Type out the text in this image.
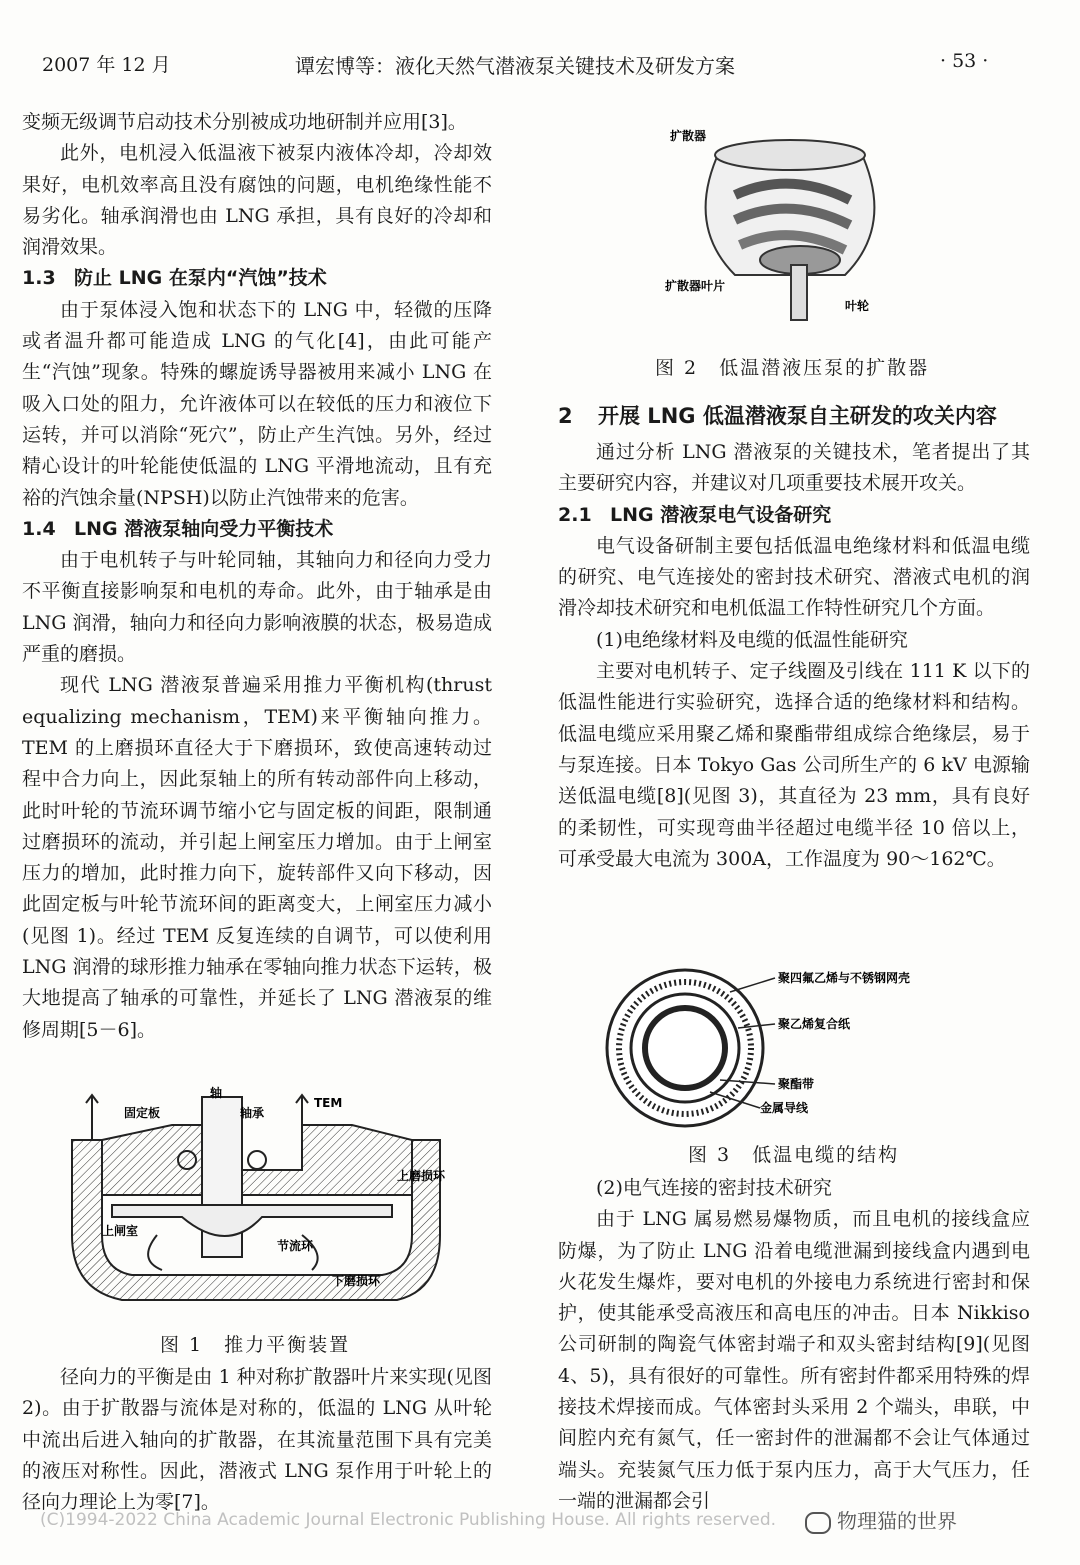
2007 年 12 月	谭宏博等：液化天然气潜液泵关键技术及研发方案	· 53 ·

变频无级调节启动技术分别被成功地研制并应用[3]。

此外，电机浸入低温液下被泵内液体冷却，冷却效果好，电机效率高且没有腐蚀的问题，电机绝缘性能不易劣化。轴承润滑也由 LNG 承担，具有良好的冷却和润滑效果。

1.3 防止 LNG 在泵内“汽蚀”技术

由于泵体浸入饱和状态下的 LNG 中，轻微的压降或者温升都可能造成 LNG 的气化[4]，由此可能产生“汽蚀”现象。特殊的螺旋诱导器被用来减小 LNG 在吸入口处的阻力，允许液体可以在较低的压力和液位下运转，并可以消除“死穴”，防止产生汽蚀。另外，经过精心设计的叶轮能使低温的 LNG 平滑地流动，且有充裕的汽蚀余量(NPSH)以防止汽蚀带来的危害。

1.4 LNG 潜液泵轴向受力平衡技术

由于电机转子与叶轮同轴，其轴向力和径向力受力不平衡直接影响泵和电机的寿命。此外，由于轴承是由 LNG 润滑，轴向力和径向力影响液膜的状态，极易造成严重的磨损。

现代 LNG 潜液泵普遍采用推力平衡机构(thrust equalizing mechanism，TEM)来平衡轴向推力。TEM 的上磨损环直径大于下磨损环，致使高速转动过程中合力向上，因此泵轴上的所有转动部件向上移动，此时叶轮的节流环调节缩小它与固定板的间距，限制通过磨损环的流动，并引起上闸室压力增加。由于上闸室压力的增加，此时推力向下，旋转部件又向下移动，因此固定板与叶轮节流环间的距离变大，上闸室压力减小(见图 1)。经过 TEM 反复连续的自调节，可以使利用 LNG 润滑的球形推力轴承在零轴向推力状态下运转，极大地提高了轴承的可靠性，并延长了 LNG 潜液泵的维修周期[5－6]。

轴
固定板	轴承
TEM
上磨损环
上闸室
节流环
下磨损环
图 1　推力平衡装置

径向力的平衡是由 1 种对称扩散器叶片来实现(见图 2)。由于扩散器与流体是对称的，低温的 LNG 从叶轮中流出后进入轴向的扩散器，在其流量范围下具有完美的液压对称性。因此，潜液式 LNG 泵作用于叶轮上的径向力理论上为零[7]。

扩散器
扩散器叶片
叶轮
图 2　低温潜液压泵的扩散器
2 开展 LNG 低温潜液泵自主研发的攻关内容

通过分析 LNG 潜液泵的关键技术，笔者提出了其主要研究内容，并建议对几项重要技术展开攻关。

2.1 LNG 潜液泵电气设备研究

电气设备研制主要包括低温电绝缘材料和低温电缆的研究、电气连接处的密封技术研究、潜液式电机的润滑冷却技术研究和电机低温工作特性研究几个方面。

(1)电绝缘材料及电缆的低温性能研究

主要对电机转子、定子线圈及引线在 111 K 以下的低温性能进行实验研究，选择合适的绝缘材料和结构。低温电缆应采用聚乙烯和聚酯带组成综合绝缘层，易于与泵连接。日本 Tokyo Gas 公司所生产的 6 kV 电源输送低温电缆[8](见图 3)，其直径为 23 mm，具有良好的柔韧性，可实现弯曲半径超过电缆半径 10 倍以上，可承受最大电流为 300A，工作温度为 90～162℃。

聚四氟乙烯与不锈钢网壳
聚乙烯复合纸
聚酯带
金属导线
图 3　低温电缆的结构

(2)电气连接的密封技术研究

由于 LNG 属易燃易爆物质，而且电机的接线盒应防爆，为了防止 LNG 沿着电缆泄漏到接线盒内遇到电火花发生爆炸，要对电机的外接电力系统进行密封和保护，使其能承受高液压和高电压的冲击。日本 Nikkiso 公司研制的陶瓷气体密封端子和双头密封结构[9](见图 4、5)，具有很好的可靠性。所有密封件都采用特殊的焊接技术焊接而成。气体密封头采用 2 个端头，串联，中间腔内充有氮气，任一密封件的泄漏都不会让气体通过端头。充装氮气压力低于泵内压力，高于大气压力，任一端的泄漏都会引

(C)1994-2022 China Academic Journal Electronic Publishing House. All rights reserved.	物理猫的世界
